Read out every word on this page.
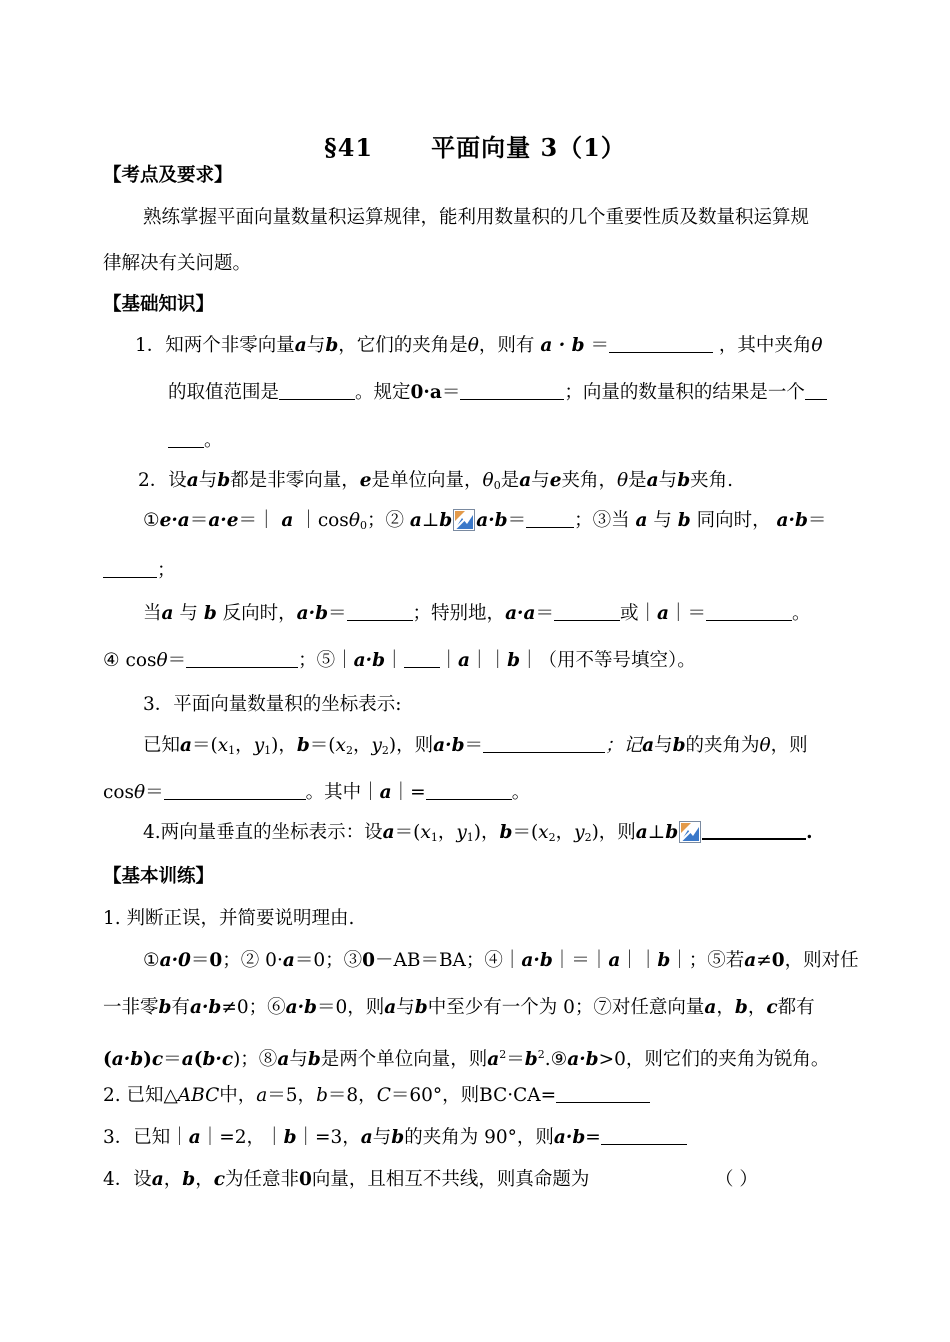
§41 平面向量 3（1）
【考点及要求】
熟练掌握平面向量数量积运算规律，能利用数量积的几个重要性质及数量积运算规
律解决有关问题。
【基础知识】
1．知两个非零向量a与b，它们的夹角是θ，则有 a · b ＝	，其中夹角θ
的取值范围是	。规定0·a＝	；向量的数量积的结果是一个
。
2．设a与b都是非零向量，e是单位向量，$\theta_0$是a与e夹角，θ是a与b夹角.
①e·a＝a·e＝｜ a ｜cosθ$_0$；② a⊥b a·b＝	；③当 a 与 b 同向时， a·b＝
；
当a 与 b 反向时，a·b＝	；特别地，a·a＝	或｜a｜＝	。
④ cosθ＝	；⑤｜a·b｜ ｜a｜｜b｜（用不等号填空）。
3．平面向量数量积的坐标表示:
已知$a=(x_1$，$y_1$)，$b=(x_2$，$y_2$)，则a·b＝	；记a与b的夹角为θ，则
cosθ＝	。其中｜a｜=	。
4.两向量垂直的坐标表示：设$a=(x_1$，$y_1$)，$b=(x_2$，$y_2$)，则a⊥b	.
【基本训练】
1. 判断正误，并简要说明理由.
①a·0＝0；② 0·a＝0；③0－AB＝BA；④｜a·b｜＝｜a｜｜b｜；⑤若a≠0，则对任
一非零b有a·b≠0；⑥a·b＝0，则a与b中至少有一个为 0；⑦对任意向量a，b，c都有
(a·b)c＝a(b·c)；⑧a与b是两个单位向量，则$a^2=b^2.⑨a\cdot b>0$，则它们的夹角为锐角。
2. 已知△ABC中，a＝5，b＝8，C＝60°，则BC·CA=
3．已知｜a｜=2，｜b｜=3，a与b的夹角为 90°，则a·b=
4．设a，b，c为任意非0向量，且相互不共线，则真命题为	（ ）
